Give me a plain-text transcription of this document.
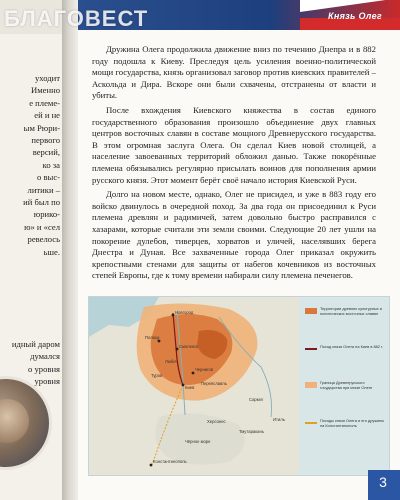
уходит
Именно
е племе-
ей и не
ым Рюри-
первого
версий,
ко за
о выс-
литики –
ий был по
юрико-
ю» и «сел
ревелось
ьше.
идный даром
думался
о уровня
уровня
Князь Олег
БЛАГОВЕСТ

Дружина Олега продолжила движение вниз по течению Днепра и в 882 году подошла к Киеву. Преследуя цель усиления военно-политической мощи государства, князь организовал заговор против киевских правителей – Аскольда и Дира. Вскоре они были схвачены, отстранены от власти и убиты.

После вхождения Киевского княжества в состав единого государственного образования произошло объединение двух главных центров восточных славян в составе мощного Древнерусского государства. В этом огромная заслуга Олега. Он сделал Киев новой столицей, а население завоеванных территорий обложил данью. Также покорённые племена обязывались регулярно присылать воинов для пополнения армии русского князя. Этот момент берёт своё начало история Киевской Руси.

Долго на новом месте, однако, Олег не присидел, и уже в 883 году его войско двинулось в очередной поход. За два года он присоединил к Руси племена древлян и радимичей, затем довольно быстро расправился с хазарами, которые считали эти земли своими. Следующие 20 лет ушли на покорение дулебов, тиверцев, хорватов и уличей, населявших берега Днестра и Дуная. Все захваченные города Олег приказал окружить крепостными стенами для защиты от набегов кочевников из восточных степей Европы, где к тому времени набирали силу племена печенегов.

Новгород
Смоленск
Полоцк
Чернигов
Киев
Любеч
Переяславль
Туров
Итиль
Саркел
Херсонес
Тмутаракань
Чёрное море
Константинополь
Территории древних культурных и политических восточных славян
Поход князя Олега на Киев в 882 г.
Граница Древнерусского государства при князе Олеге
Походы князя Олега и его дружины на Константинополь
3
